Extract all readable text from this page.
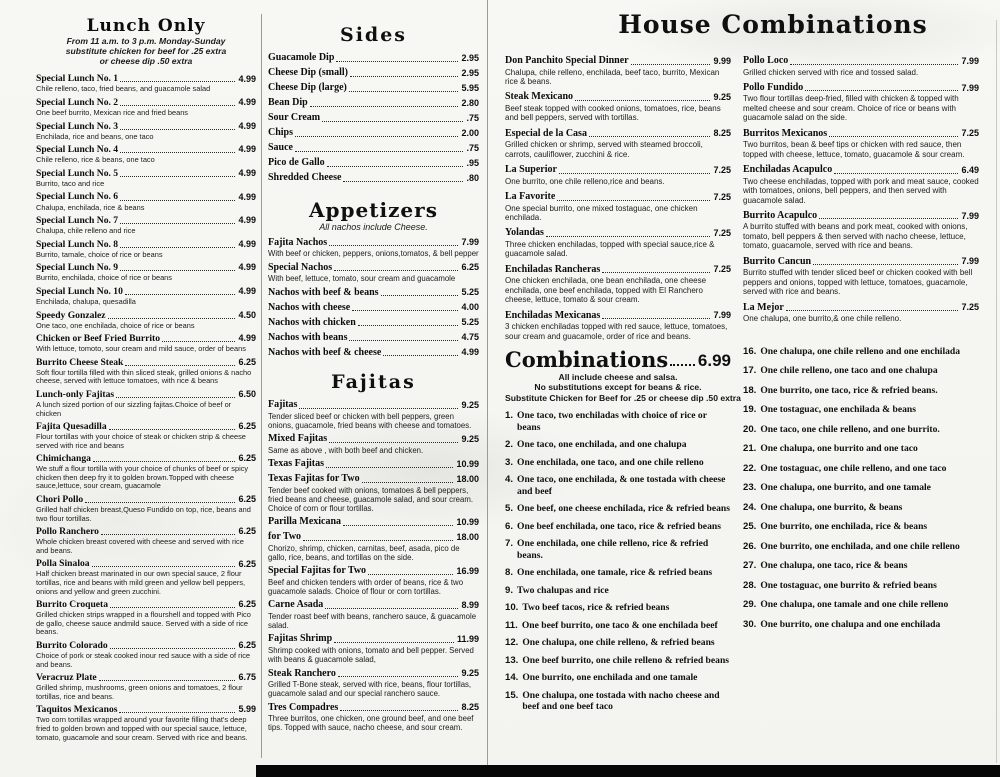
Lunch Only
From 11 a.m. to 3 p.m. Monday-Sunday
substitute chicken for beef for .25 extra
or cheese dip .50 extra
Special Lunch No. 1	4.99
Chile relleno, taco, fried beans, and guacamole salad
Special Lunch No. 2	4.99
One beef burrito, Mexican rice and fried beans
Special Lunch No. 3	4.99
Enchilada, rice and beans, one taco
Special Lunch No. 4	4.99
Chile relleno, rice & beans, one taco
Special Lunch No. 5	4.99
Burrito, taco and rice
Special Lunch No. 6	4.99
Chalupa, enchilada, rice & beans
Special Lunch No. 7	4.99
Chalupa, chile relleno and rice
Special Lunch No. 8	4.99
Burrito, tamale, choice of rice or beans
Special Lunch No. 9	4.99
Burrito, enchilada, choice of rice or beans
Special Lunch No. 10	4.99
Enchilada, chalupa, quesadilla
Speedy Gonzalez	4.50
One taco, one enchilada, choice of rice or beans
Chicken or Beef Fried Burrito	4.99
With lettuce, tomoto, sour cream and mild sauce, order of beans
Burrito Cheese Steak	6.25
Soft flour tortilla filled with thin sliced steak, grilled onions & nacho cheese, served with lettuce tomatoes, with rice & beans
Lunch-only Fajitas	6.50
A lunch sized portion of our sizzling fajitas.Choice of beef or chicken
Fajita Quesadilla	6.25
Flour tortillas with your choice of steak or chicken strip & cheese served with rice and beans
Chimichanga	6.25
We stuff a flour tortilla with your choice of chunks of beef or spicy chicken then deep fry it to golden brown.Topped with cheese sauce,lettuce, sour cream, guacamole
Chori Pollo	6.25
Grilled half chicken breast,Queso Fundido on top, rice, beans and two flour tortillas.
Pollo Ranchero	6.25
Whole chicken breast covered with cheese and served with rice and beans.
Polla Sinaloa	6.25
Half chicken breast marinated in our own special sauce, 2 flour tortillas, rice and beans with mild green and yellow bell peppers, onions and yellow and green zucchini.
Burrito Croqueta	6.25
Grilled chicken strips wrapped in a flourshell and topped with Pico de gallo, cheese sauce andmild sauce. Served with a side of rice beans.
Burrito Colorado	6.25
Choice of pork or steak cooked inour red sauce with a side of rice and beans.
Veracruz Plate	6.75
Grilled shrimp, mushrooms, green onions and tomatoes, 2 flour tortillas, rice and beans.
Taquitos Mexicanos	5.99
Two corn tortillas wrapped around your favorite filling that's deep fried to golden brown and topped with our special sauce, lettuce, tomato, guacamole and sour cream. Served with rice and beans.
Sides
Guacamole Dip	2.95
Cheese Dip (small)	2.95
Cheese Dip (large)	5.95
Bean Dip	2.80
Sour Cream	.75
Chips	2.00
Sauce	.75
Pico de Gallo	.95
Shredded Cheese	.80
Appetizers
All nachos include Cheese.
Fajita Nachos	7.99
With beef or chicken, peppers, onions,tomatos, & bell pepper
Special Nachos	6.25
With beef, lettuce, tomato, sour cream and guacamole
Nachos with beef & beans	5.25
Nachos with cheese	4.00
Nachos with chicken	5.25
Nachos with beans	4.75
Nachos with beef & cheese	4.99
Fajitas
Fajitas	9.25
Tender sliced beef or chicken with bell peppers, green onions, guacamole, fried beans with cheese and tomatoes.
Mixed Fajitas	9.25
Same as above , with both beef and chicken.
Texas Fajitas	10.99
Texas Fajitas for Two	18.00
Tender beef cooked with onions, tomatoes & bell peppers, fried beans and cheese, guacamole salad, and sour cream. Choice of corn or flour tortillas.
Parilla Mexicana	10.99
for Two	18.00
Chorizo, shrimp, chicken, carnitas, beef, asada, pico de gallo, rice, beans, and tortillas on the side.
Special Fajitas for Two	16.99
Beef and chicken tenders with order of beans, rice & two guacamole salads. Choice of flour or corn tortillas.
Carne Asada	8.99
Tender roast beef with beans, ranchero sauce, & guacamole salad.
Fajitas Shrimp	11.99
Shrimp cooked with onions, tomato and bell pepper. Served with beans & guacamole salad,
Steak Ranchero	9.25
Grilled T-Bone steak, served with rice, beans, flour tortillas, guacamole salad and our special ranchero sauce.
Tres Compadres	8.25
Three burritos, one chicken, one ground beef, and one beef tips. Topped with sauce, nacho cheese, and sour cream.
House Combinations
Don Panchito Special Dinner	9.99
Chalupa, chile relleno, enchilada, beef taco, burrito, Mexican rice & beans.
Steak Mexicano	9.25
Beef steak topped with cooked onions, tomatoes, rice, beans and bell peppers, served with tortillas.
Especial de la Casa	8.25
Grilled chicken or shrimp, served with steamed broccoli, carrots, cauliflower, zucchini & rice.
La Superior	7.25
One burrito, one chile relleno,rice and beans.
La Favorite	7.25
One special burrito, one mixed tostaguac, one chicken enchilada.
Yolandas	7.25
Three chicken enchiladas, topped with special sauce,rice & guacamole salad.
Enchiladas Rancheras	7.25
One chicken enchilada, one bean enchilada, one cheese enchilada, one beef enchilada, topped with El Ranchero cheese, lettuce, tomato & sour cream.
Enchiladas Mexicanas	7.99
3 chicken enchiladas topped with red sauce, lettuce, tomatoes, sour cream and guacamole, order of rice and beans.
Combinations 6.99
All include cheese and salsa.
No substitutions except for beans & rice.
Substitute Chicken for Beef for .25 or cheese dip .50 extra
1. One taco, two enchiladas with choice of rice or beans
2. One taco, one enchilada, and one chalupa
3. One enchilada, one taco, and one chile relleno
4. One taco, one enchilada, & one tostada with cheese and beef
5. One beef, one cheese enchilada, rice & refried beans
6. One beef enchilada, one taco, rice & refried beans
7. One enchilada, one chile relleno, rice & refried beans.
8. One enchilada, one tamale, rice & refried beans
9. Two chalupas and rice
10. Two beef tacos, rice & refried beans
11. One beef burrito, one taco & one enchilada beef
12. One chalupa, one chile relleno, & refried beans
13. One beef burrito, one chile relleno & refried beans
14. One burrito, one enchilada and one tamale
15. One chalupa, one tostada with nacho cheese and beef and one beef taco
Pollo Loco	7.99
Grilled chicken served with rice and tossed salad.
Pollo Fundido	7.99
Two flour tortillas deep-fried, filled with chicken & topped with melted cheese and sour cream. Choice of rice or beans with guacamole salad on the side.
Burritos Mexicanos	7.25
Two burritos, bean & beef tips or chicken with red sauce, then topped with cheese, lettuce, tomato, guacamole & sour cream.
Enchiladas Acapulco	6.49
Two cheese enchiladas, topped with pork and meat sauce, cooked with tomatoes, onions, bell peppers, and then served with guacamole salad.
Burrito Acapulco	7.99
A burrito stuffed with beans and pork meat, cooked with onions, tomato, bell peppers & then served with nacho cheese, lettuce, tomato, guacamole, served with rice and beans.
Burrito Cancun	7.99
Burrito stuffed with tender sliced beef or chicken cooked with bell peppers and onions, topped with lettuce, tomatoes, guacamole, served with rice and beans.
La Mejor	7.25
One chalupa, one burrito,& one chile relleno.
16. One chalupa, one chile relleno and one enchilada
17. One chile relleno, one taco and one chalupa
18. One burrito, one taco, rice & refried beans.
19. One tostaguac, one enchilada & beans
20. One taco, one chile relleno, and one burrito.
21. One chalupa, one burrito and one taco
22. One tostaguac, one chile relleno, and one taco
23. One chalupa, one burrito, and one tamale
24. One chalupa, one burrito, & beans
25. One burrito, one enchilada, rice & beans
26. One burrito, one enchilada, and one chile relleno
27. One chalupa, one taco, rice & beans
28. One tostaguac, one burrito & refried beans
29. One chalupa, one tamale and one chile relleno
30. One burrito, one chalupa and one enchilada
